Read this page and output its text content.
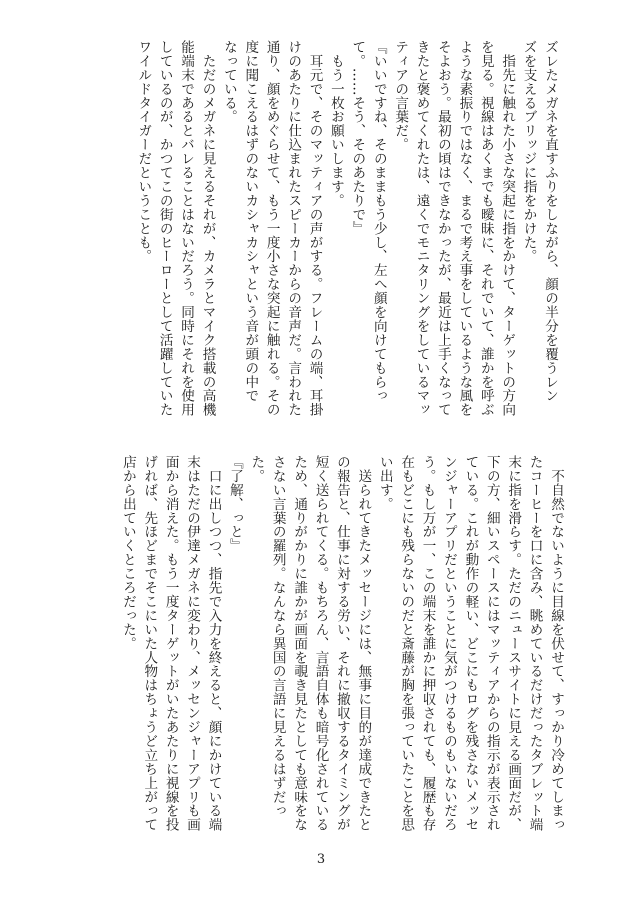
ズレたメガネを直すふりをしながら、顔の半分を覆うレン
ズを支えるブリッジに指をかけた。
　指先に触れた小さな突起に指をかけて、ターゲットの方向
を見る。視線はあくまでも曖昧に、それでいて、誰かを呼ぶ
ような素振りではなく、まるで考え事をしているような風を
そよおう。最初の頃はできなかったが、最近は上手くなって
きたと褒めてくれたは、遠くでモニタリングをしているマッ
ティアの言葉だ。
『いいですね、そのままもう少し、左へ顔を向けてもらっ
て。……そう、そのあたりで』
　もう一枚お願いします。
　耳元で、そのマッティアの声がする。フレームの端、耳掛
けのあたりに仕込まれたスピーカーからの音声だ。言われた
通り、顔をめぐらせて、もう一度小さな突起に触れる。その
度に聞こえるはずのないカシャカシャという音が頭の中で
なっている。
　ただのメガネに見えるそれが、カメラとマイク搭載の高機
能端末であるとバレることはないだろう。同時にそれを使用
しているのが、かつてこの街のヒーローとして活躍していた
ワイルドタイガーだということも。
　不自然でないように目線を伏せて、すっかり冷めてしまっ
たコーヒーを口に含み、眺めているだけだったタブレット端
末に指を滑らす。ただのニュースサイトに見える画面だが、
下の方、細いスペースにはマッティアからの指示が表示され
ている。これが動作の軽い、どこにもログを残さないメッセ
ンジャーアプリだということに気がつけるものもいないだろ
う。もし万が一、この端末を誰かに押収されても、履歴も存
在もどこにも残らないのだと斎藤が胸を張っていたことを思
い出す。
　送られてきたメッセージには、無事に目的が達成できたと
の報告と、仕事に対する労い、それに撤収するタイミングが
短く送られてくる。もちろん、言語自体も暗号化されている
ため、通りがかりに誰かが画面を覗き見たとしても意味をな
さない言葉の羅列。なんなら異国の言語に見えるはずだっ
た。
『了解、っと』
　口に出しつつ、指先で入力を終えると、顔にかけている端
末はただの伊達メガネに変わり、メッセンジャーアプリも画
面から消えた。もう一度ターゲットがいたあたりに視線を投
げれば、先ほどまでそこにいた人物はちょうど立ち上がって
店から出ていくところだった。
3
